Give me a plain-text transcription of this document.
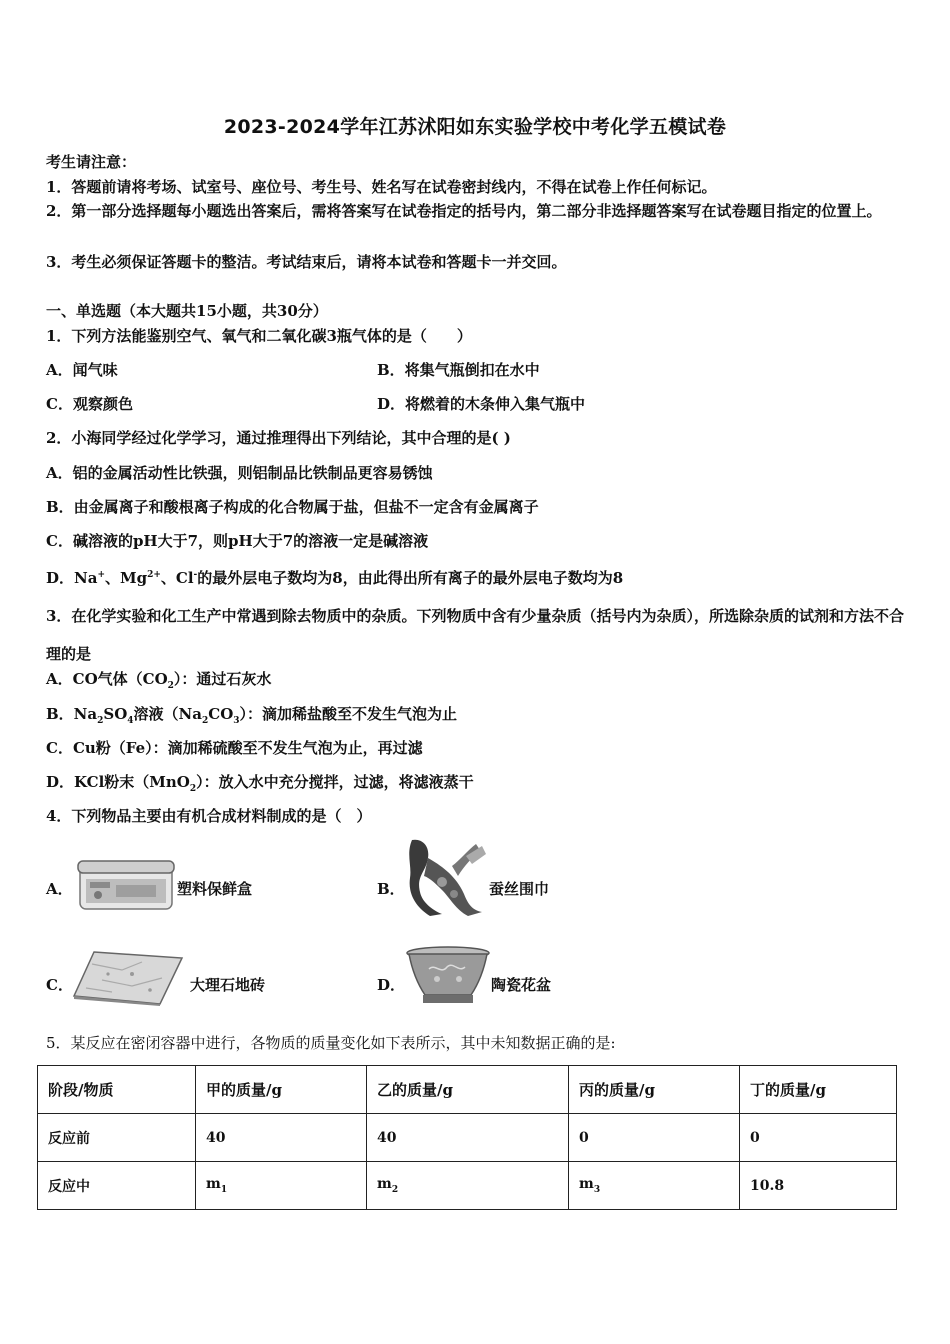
2023-2024学年江苏沭阳如东实验学校中考化学五模试卷
考生请注意：
1．答题前请将考场、试室号、座位号、考生号、姓名写在试卷密封线内，不得在试卷上作任何标记。
2．第一部分选择题每小题选出答案后，需将答案写在试卷指定的括号内，第二部分非选择题答案写在试卷题目指定的位置上。
3．考生必须保证答题卡的整洁。考试结束后，请将本试卷和答题卡一并交回。
一、单选题（本大题共15小题，共30分）
1．下列方法能鉴别空气、氧气和二氧化碳3瓶气体的是（　　）
A．闻气味	B．将集气瓶倒扣在水中
C．观察颜色	D．将燃着的木条伸入集气瓶中
2．小海同学经过化学学习，通过推理得出下列结论，其中合理的是( )
A．铝的金属活动性比铁强，则铝制品比铁制品更容易锈蚀
B．由金属离子和酸根离子构成的化合物属于盐，但盐不一定含有金属离子
C．碱溶液的pH大于7，则pH大于7的溶液一定是碱溶液
D．Na+、$Mg^{2+}$、Cl-的最外层电子数均为8，由此得出所有离子的最外层电子数均为8
3．在化学实验和化工生产中常遇到除去物质中的杂质。下列物质中含有少量杂质（括号内为杂质），所选除杂质的试剂和方法不合理的是
A．CO气体$(CO_2)$：通过石灰水
B．$Na_2SO_4$溶液$(Na_2CO_3)$：滴加稀盐酸至不发生气泡为止
C．Cu粉（Fe）：滴加稀硫酸至不发生气泡为止，再过滤
D．KCl粉末（MnO$_2$）：放入水中充分搅拌，过滤，将滤液蒸干
4．下列物品主要由有机合成材料制成的是（　）
A．	塑料保鲜盒	B．	蚕丝围巾
C．	大理石地砖	D．	陶瓷花盆
5．某反应在密闭容器中进行，各物质的质量变化如下表所示，其中未知数据正确的是:
阶段/物质	甲的质量/g	乙的质量/g	丙的质量/g	丁的质量/g
反应前	40	40	0	0
反应中	$m_1$	$m_2$	$m_3$	10.8
